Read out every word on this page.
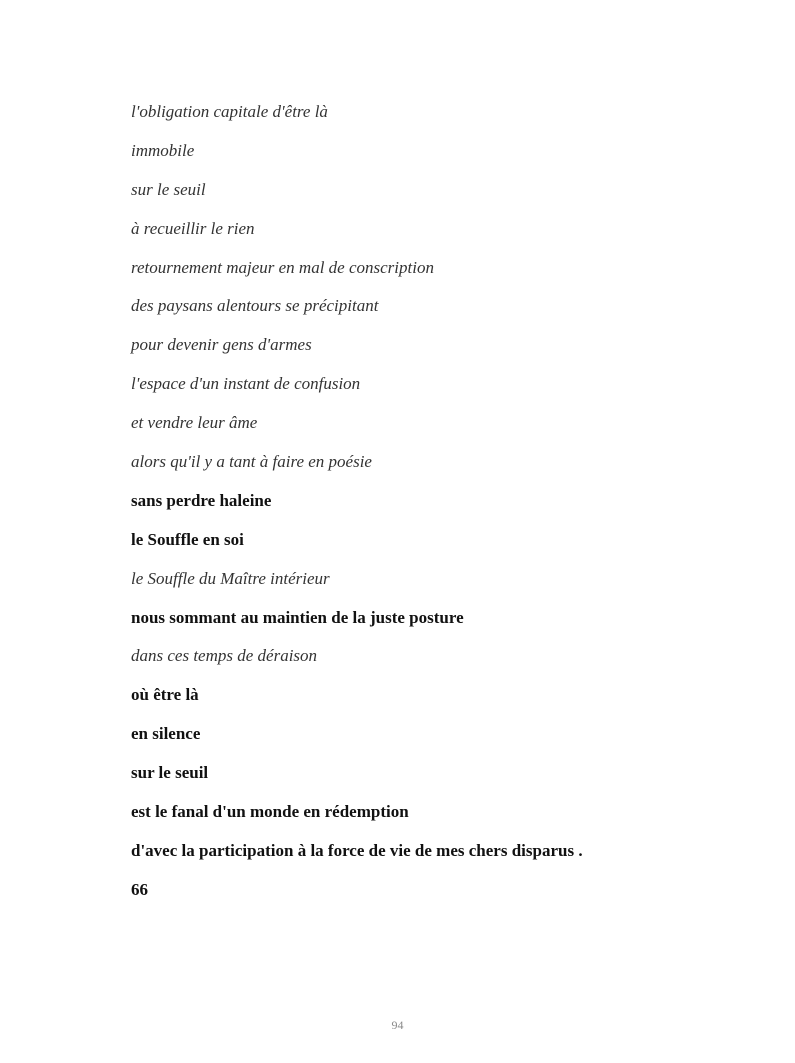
l'obligation capitale d'être là
immobile
sur le seuil
à recueillir le rien
retournement majeur en mal de conscription
des paysans alentours se précipitant
pour devenir gens d'armes
l'espace d'un instant de confusion
et vendre leur âme
alors qu'il y a tant à faire en poésie
sans perdre haleine
le Souffle en soi
le Souffle du Maître intérieur
nous sommant au maintien de la juste posture
dans ces temps de déraison
où être là
en silence
sur le seuil
est le fanal d'un monde en rédemption
d'avec la participation à la force de vie de mes chers disparus .
66
94
